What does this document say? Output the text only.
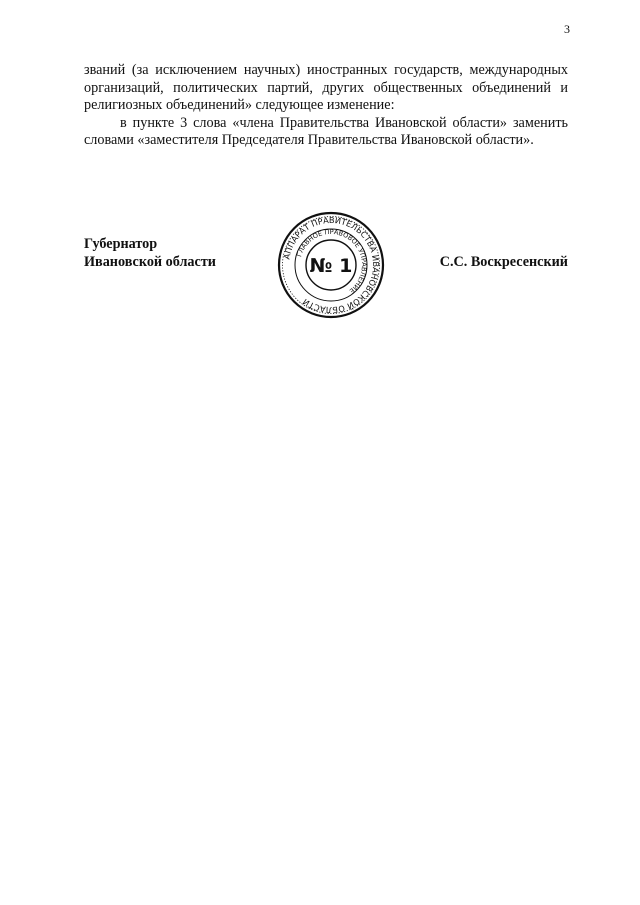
3

званий (за исключением научных) иностранных государств, международных организаций, политических партий, других общественных объединений и религиозных объединений» следующее изменение:

в пункте 3 слова «члена Правительства Ивановской области» заменить словами «заместителя Председателя Правительства Ивановской области».

Губернатор
Ивановской области	АППАРАТ ПРАВИТЕЛЬСТВА ИВАНОВСКОЙ ОБЛАСТИ
ГЛАВНОЕ ПРАВОВОЕ УПРАВЛЕНИЕ
№ 1	С.С. Воскресенский
